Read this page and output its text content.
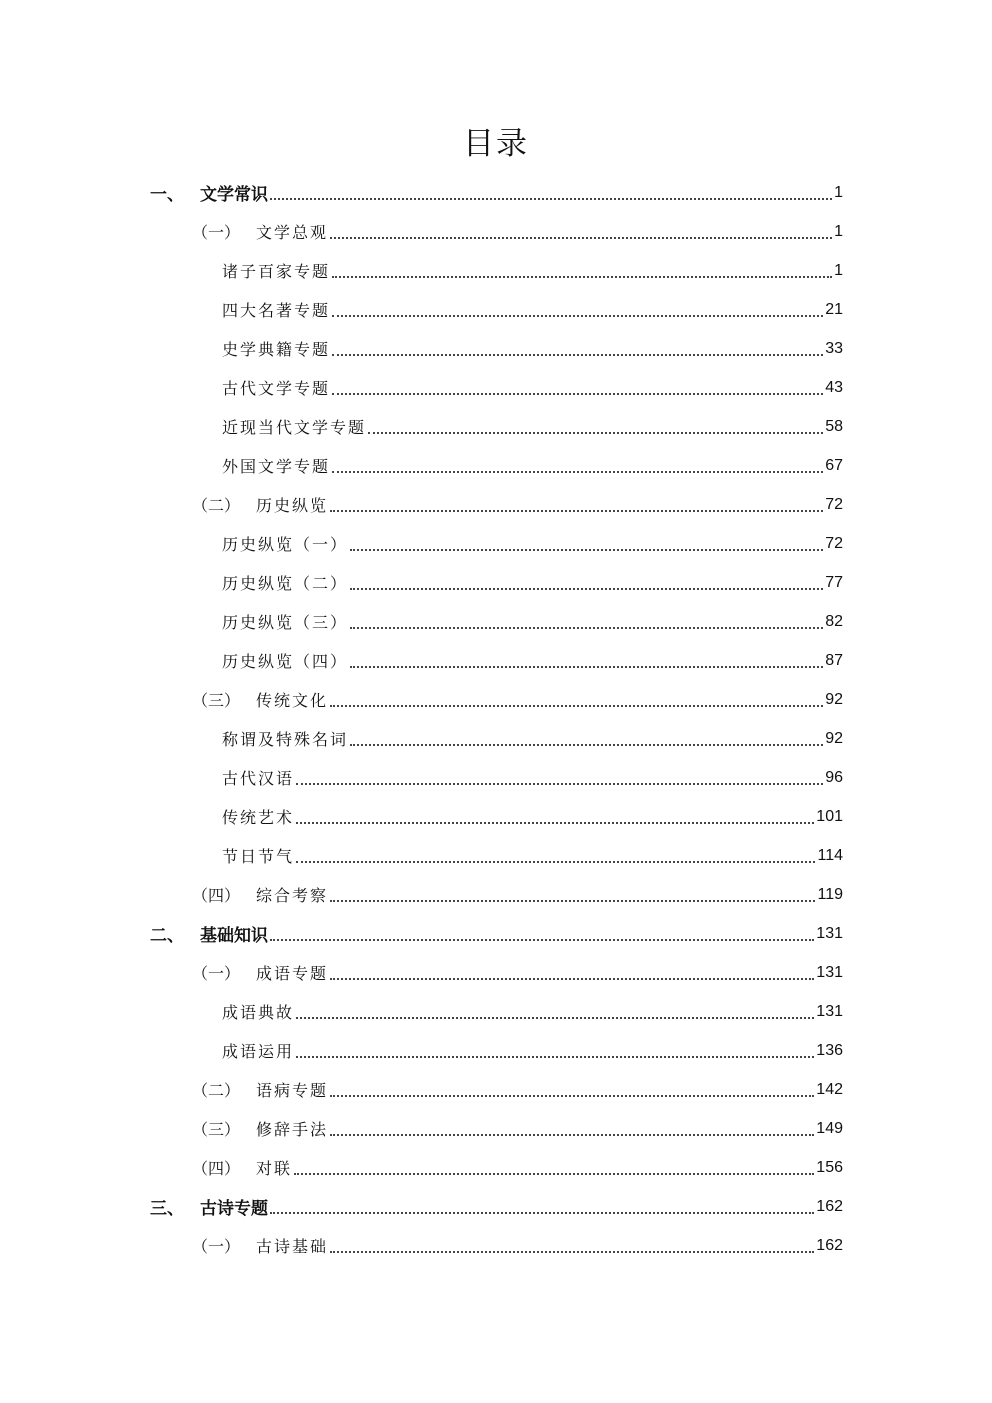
目录
一、 文学常识	1
（一） 文学总观	1
诸子百家专题	1
四大名著专题	21
史学典籍专题	33
古代文学专题	43
近现当代文学专题	58
外国文学专题	67
（二） 历史纵览	72
历史纵览（一）	72
历史纵览（二）	77
历史纵览（三）	82
历史纵览（四）	87
（三） 传统文化	92
称谓及特殊名词	92
古代汉语	96
传统艺术	101
节日节气	114
（四） 综合考察	119
二、 基础知识	131
（一） 成语专题	131
成语典故	131
成语运用	136
（二） 语病专题	142
（三） 修辞手法	149
（四） 对联	156
三、 古诗专题	162
（一） 古诗基础	162
